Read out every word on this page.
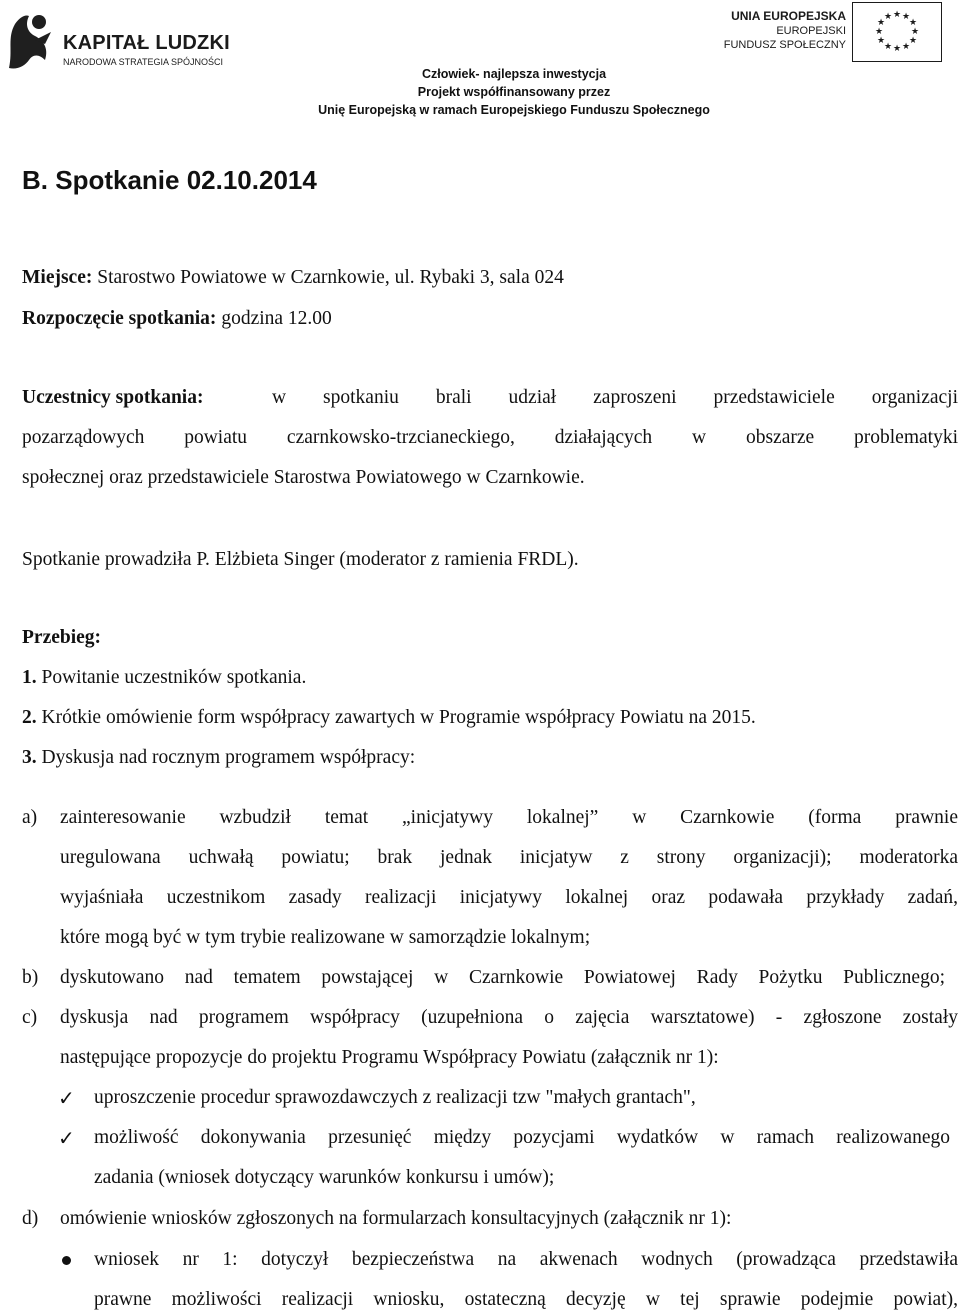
KAPITAŁ LUDZKI
NARODOWA STRATEGIA SPÓJNOŚCI
UNIA EUROPEJSKA
EUROPEJSKI
FUNDUSZ SPOŁECZNY
★ ★
★
★
★
★
★
★
★
★
★
★
Człowiek- najlepsza inwestycja
Projekt współfinansowany przez
Unię Europejską w ramach Europejskiego Funduszu Społecznego
B. Spotkanie 02.10.2014
Miejsce: Starostwo Powiatowe w Czarnkowie, ul. Rybaki 3, sala 024
Rozpoczęcie spotkania: godzina 12.00
Uczestnicy spotkania:	w spotkaniu brali udział zaproszeni przedstawiciele organizacji
pozarządowych powiatu czarnkowsko-trzcianeckiego, działających w obszarze problematyki
społecznej oraz przedstawiciele Starostwa Powiatowego w Czarnkowie.
Spotkanie prowadziła P. Elżbieta Singer (moderator z ramienia FRDL).
Przebieg:
1. Powitanie uczestników spotkania.
2. Krótkie omówienie form współpracy zawartych w Programie współpracy Powiatu na 2015.
3. Dyskusja nad rocznym programem współpracy:
a) zainteresowanie wzbudził temat „inicjatywy lokalnej” w Czarnkowie (forma prawnie
uregulowana uchwałą powiatu; brak jednak inicjatyw z strony organizacji); moderatorka
wyjaśniała uczestnikom zasady realizacji inicjatywy lokalnej oraz podawała przykłady zadań,
które mogą być w tym trybie realizowane w samorządzie lokalnym;
b) dyskutowano nad tematem powstającej w Czarnkowie Powiatowej Rady Pożytku Publicznego;
c) dyskusja nad programem współpracy (uzupełniona o zajęcia warsztatowe) - zgłoszone zostały
następujące propozycje do projektu Programu Współpracy Powiatu (załącznik nr 1):
✓ uproszczenie procedur sprawozdawczych z realizacji tzw "małych grantach",
✓ możliwość dokonywania przesunięć między pozycjami wydatków w ramach realizowanego
zadania (wniosek dotyczący warunków konkursu i umów);
d) omówienie wniosków zgłoszonych na formularzach konsultacyjnych (załącznik nr 1):
wniosek nr 1: dotyczył bezpieczeństwa na akwenach wodnych (prowadząca przedstawiła
prawne możliwości realizacji wniosku, ostateczną decyzję w tej sprawie podejmie powiat),
